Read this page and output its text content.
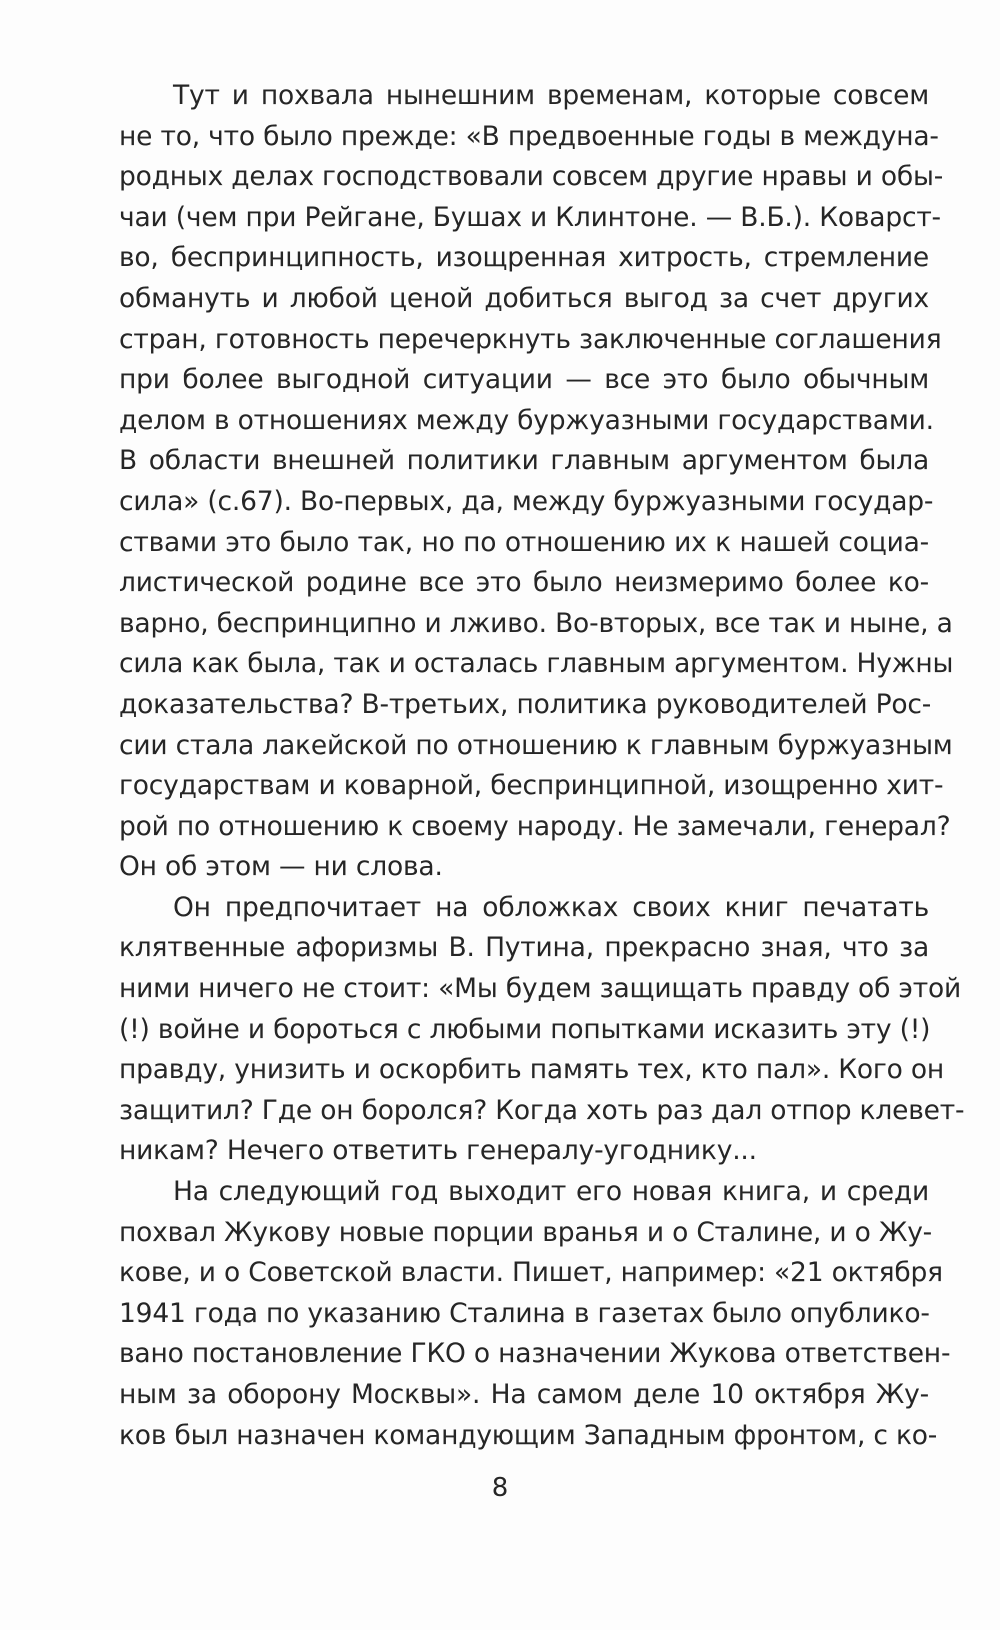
Тут и похвала нынешним временам, которые совсем
не то, что было прежде: «В предвоенные годы в междуна-
родных делах господствовали совсем другие нравы и обы-
чаи (чем при Рейгане, Бушах и Клинтоне. — В.Б.). Коварст-
во, беспринципность, изощренная хитрость, стремление
обмануть и любой ценой добиться выгод за счет других
стран, готовность перечеркнуть заключенные соглашения
при более выгодной ситуации — все это было обычным
делом в отношениях между буржуазными государствами.
В области внешней политики главным аргументом была
сила» (с.67). Во-первых, да, между буржуазными государ-
ствами это было так, но по отношению их к нашей социа-
листической родине все это было неизмеримо более ко-
варно, беспринципно и лживо. Во-вторых, все так и ныне, а
сила как была, так и осталась главным аргументом. Нужны
доказательства? В-третьих, политика руководителей Рос-
сии стала лакейской по отношению к главным буржуазным
государствам и коварной, беспринципной, изощренно хит-
рой по отношению к своему народу. Не замечали, генерал?
Он об этом — ни слова.
Он предпочитает на обложках своих книг печатать
клятвенные афоризмы В. Путина, прекрасно зная, что за
ними ничего не стоит: «Мы будем защищать правду об этой
(!) войне и бороться с любыми попытками исказить эту (!)
правду, унизить и оскорбить память тех, кто пал». Кого он
защитил? Где он боролся? Когда хоть раз дал отпор клевет-
никам? Нечего ответить генералу-угоднику...
На следующий год выходит его новая книга, и среди
похвал Жукову новые порции вранья и о Сталине, и о Жу-
кове, и о Советской власти. Пишет, например: «21 октября
1941 года по указанию Сталина в газетах было опублико-
вано постановление ГКО о назначении Жукова ответствен-
ным за оборону Москвы». На самом деле 10 октября Жу-
ков был назначен командующим Западным фронтом, с ко-
8
